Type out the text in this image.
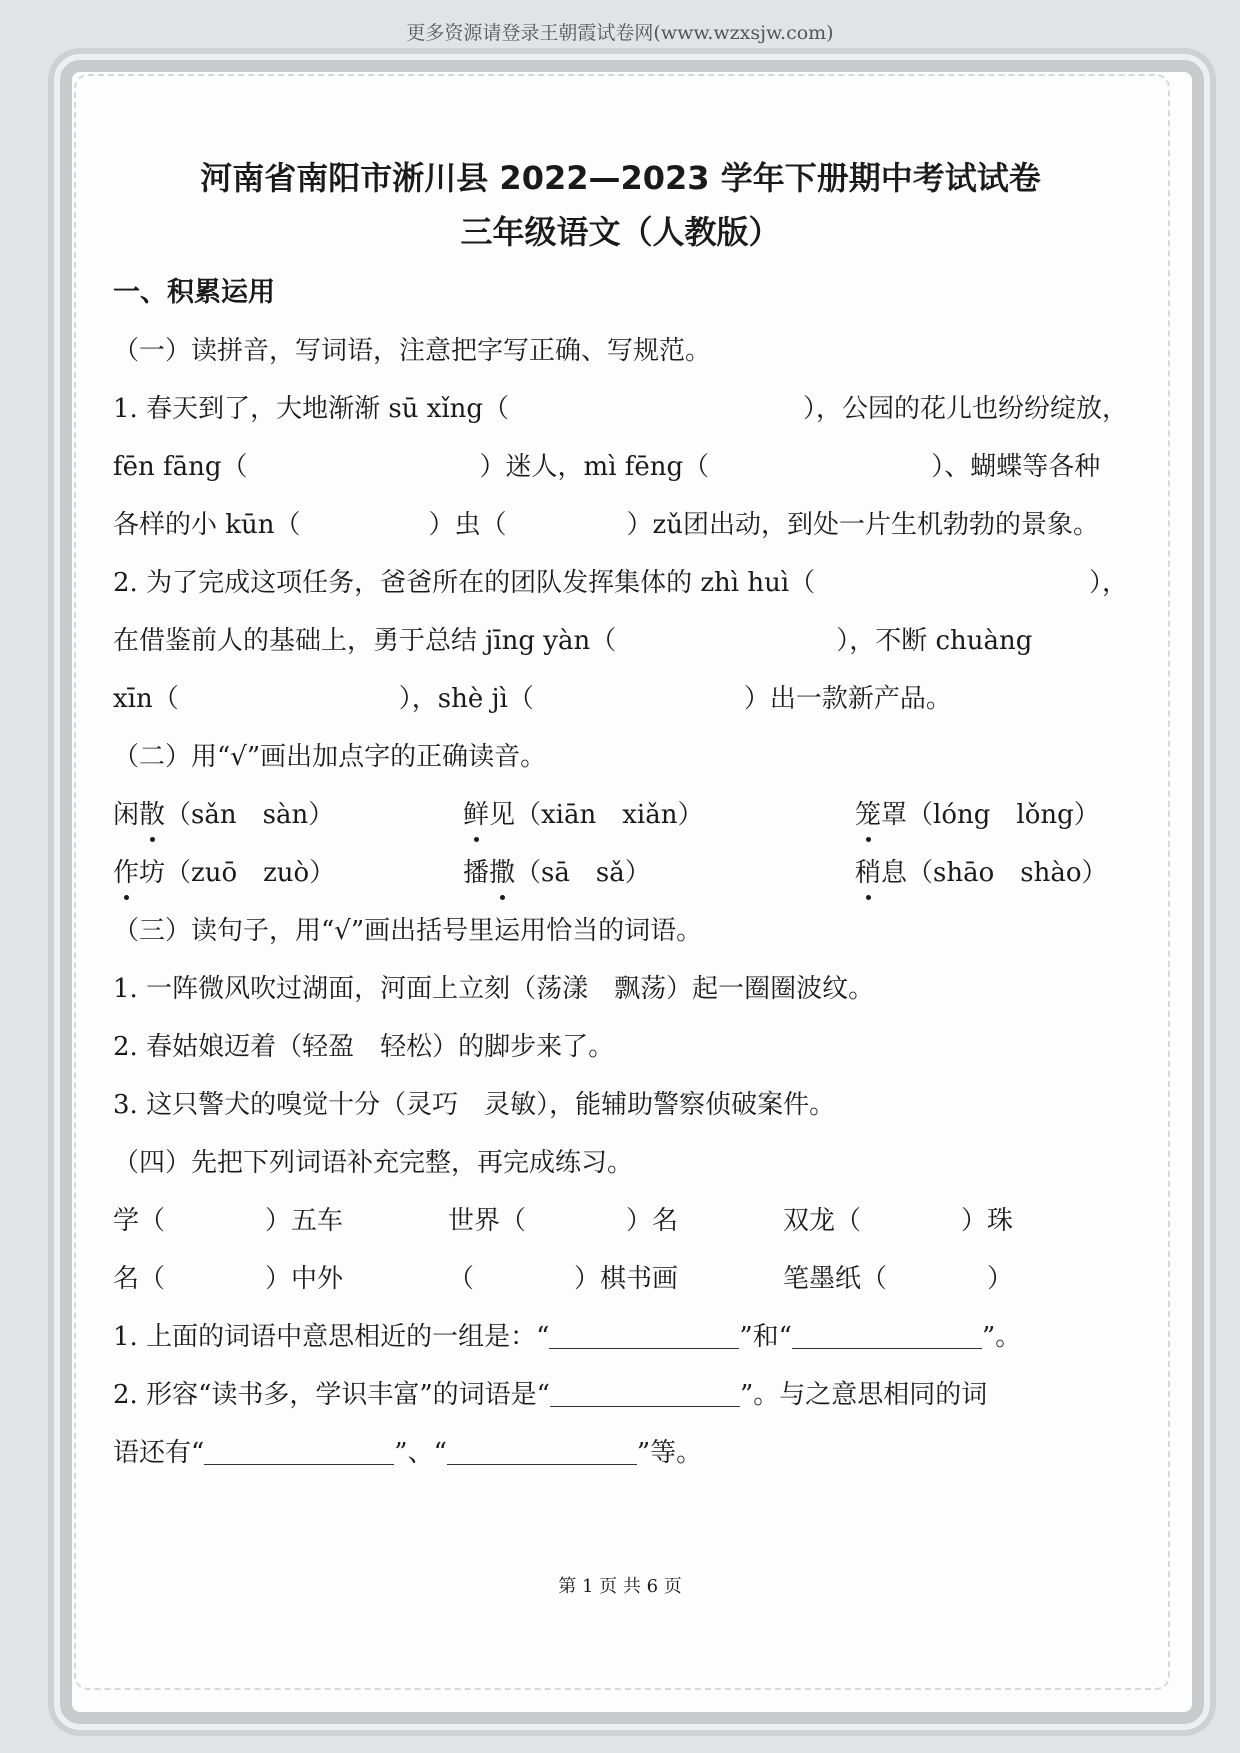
更多资源请登录王朝霞试卷网(www.wzxsjw.com)
河南省南阳市淅川县 2022—2023 学年下册期中考试试卷
三年级语文（人教版）
一、积累运用
（一）读拼音，写词语，注意把字写正确、写规范。
1. 春天到了，大地渐渐 sū xǐng（	），公园的花儿也纷纷绽放，
fēn fāng（	）迷人，mì fēng（	）、蝴蝶等各种
各样的小 kūn（	）虫（	）zǔ团出动，到处一片生机勃勃的景象。
2. 为了完成这项任务，爸爸所在的团队发挥集体的 zhì huì（	），
在借鉴前人的基础上，勇于总结 jīng yàn（	），不断 chuàng
xīn（	），shè jì（	）出一款新产品。
（二）用“√”画出加点字的正确读音。
闲散（sǎn　sàn）	鲜见（xiān　xiǎn）	笼罩（lóng　lǒng）
作坊（zuō　zuò）	播撒（sā　sǎ）	稍息（shāo　shào）
（三）读句子，用“√”画出括号里运用恰当的词语。
1. 一阵微风吹过湖面，河面上立刻（荡漾　飘荡）起一圈圈波纹。
2. 春姑娘迈着（轻盈　轻松）的脚步来了。
3. 这只警犬的嗅觉十分（灵巧　灵敏），能辅助警察侦破案件。
（四）先把下列词语补充完整，再完成练习。
学（	）五车	世界（	）名	双龙（	）珠
名（	）中外	（	）棋书画	笔墨纸（	）
1. 上面的词语中意思相近的一组是：“	”和“	”。
2. 形容“读书多，学识丰富”的词语是“	”。与之意思相同的词
语还有“	”、“	”等。
第 1 页 共 6 页
